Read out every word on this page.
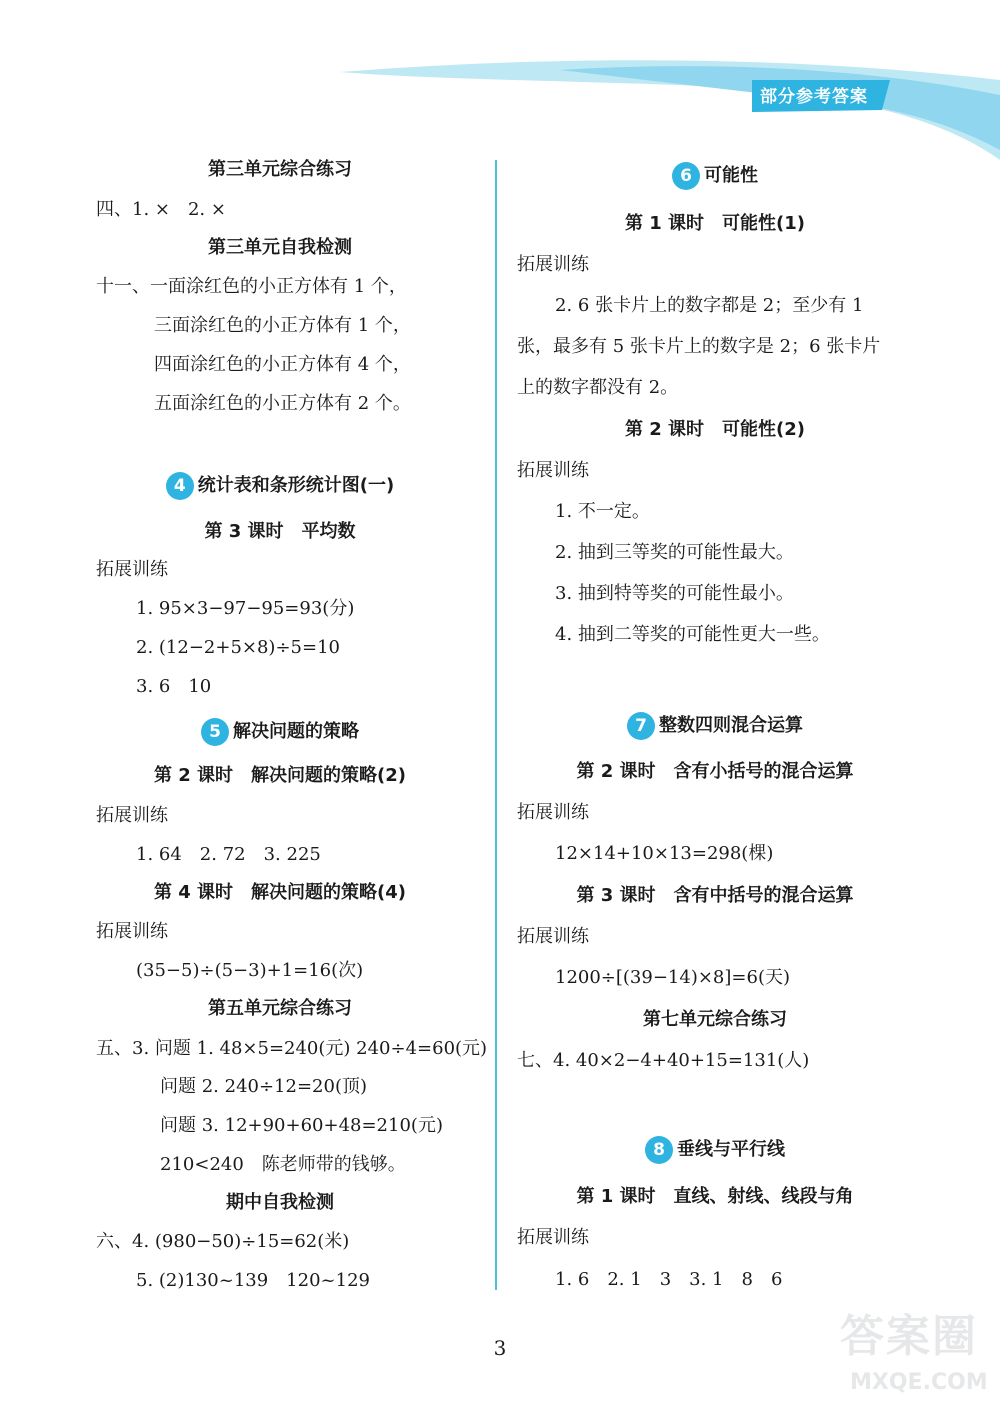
部分参考答案
第三单元综合练习
四、1. ×　2. ×
第三单元自我检测
十一、一面涂红色的小正方体有 1 个，
三面涂红色的小正方体有 1 个，
四面涂红色的小正方体有 4 个，
五面涂红色的小正方体有 2 个。
4 统计表和条形统计图(一)
第 3 课时　平均数
拓展训练
1. 95×3−97−95=93(分)
2. (12−2+5×8)÷5=10
3. 6　10
5 解决问题的策略
第 2 课时　解决问题的策略(2)
拓展训练
1. 64　2. 72　3. 225
第 4 课时　解决问题的策略(4)
拓展训练
(35−5)÷(5−3)+1=16(次)
第五单元综合练习
五、3. 问题 1. 48×5=240(元) 240÷4=60(元)
问题 2. 240÷12=20(顶)
问题 3. 12+90+60+48=210(元)
210<240　陈老师带的钱够。
期中自我检测
六、4. (980−50)÷15=62(米)
5. (2)130~139　120~129
6 可能性
第 1 课时　可能性(1)
拓展训练
2. 6 张卡片上的数字都是 2；至少有 1
张，最多有 5 张卡片上的数字是 2；6 张卡片
上的数字都没有 2。
第 2 课时　可能性(2)
拓展训练
1. 不一定。
2. 抽到三等奖的可能性最大。
3. 抽到特等奖的可能性最小。
4. 抽到二等奖的可能性更大一些。
7 整数四则混合运算
第 2 课时　含有小括号的混合运算
拓展训练
12×14+10×13=298(棵)
第 3 课时　含有中括号的混合运算
拓展训练
1200÷[(39−14)×8]=6(天)
第七单元综合练习
七、4. 40×2−4+40+15=131(人)
8 垂线与平行线
第 1 课时　直线、射线、线段与角
拓展训练
1. 6　2. 1　3　3. 1　8　6
3	答案圈
MXQE.COM
